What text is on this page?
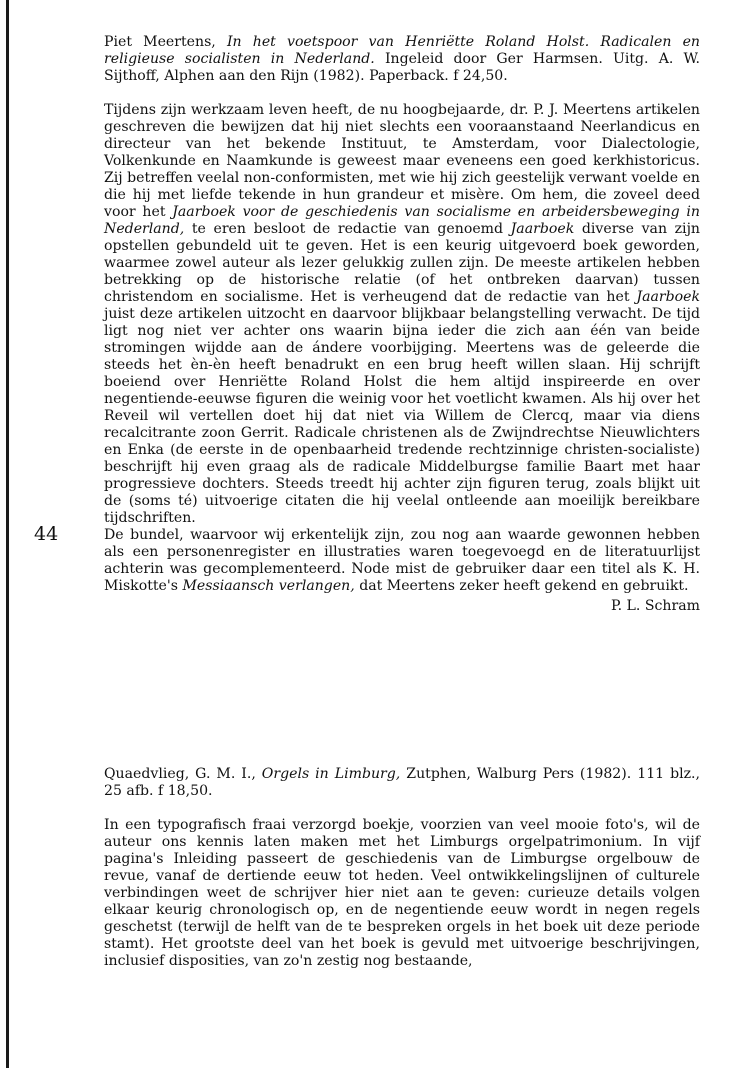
44

Piet Meertens, In het voetspoor van Henriëtte Roland Holst. Radicalen en religieuse socialisten in Nederland. Ingeleid door Ger Harmsen. Uitg. A. W. Sijthoff, Alphen aan den Rijn (1982). Paperback. f 24,50.

Tijdens zijn werkzaam leven heeft, de nu hoogbejaarde, dr. P. J. Meertens artikelen geschreven die bewijzen dat hij niet slechts een vooraanstaand Neerlandicus en directeur van het bekende Instituut, te Amsterdam, voor Dialectologie, Volkenkunde en Naamkunde is geweest maar eveneens een goed kerkhistoricus. Zij betreffen veelal non-conformisten, met wie hij zich geestelijk verwant voelde en die hij met liefde tekende in hun grandeur et misère. Om hem, die zoveel deed voor het Jaarboek voor de geschiedenis van socialisme en arbeidersbeweging in Nederland, te eren besloot de redactie van genoemd Jaarboek diverse van zijn opstellen gebundeld uit te geven. Het is een keurig uitgevoerd boek geworden, waarmee zowel auteur als lezer gelukkig zullen zijn. De meeste artikelen hebben betrekking op de historische relatie (of het ontbreken daarvan) tussen christendom en socialisme. Het is verheugend dat de redactie van het Jaarboek juist deze artikelen uitzocht en daarvoor blijkbaar belangstelling verwacht. De tijd ligt nog niet ver achter ons waarin bijna ieder die zich aan één van beide stromingen wijdde aan de ándere voorbijging. Meertens was de geleerde die steeds het èn-èn heeft benadrukt en een brug heeft willen slaan. Hij schrijft boeiend over Henriëtte Roland Holst die hem altijd inspireerde en over negentiende-eeuwse figuren die weinig voor het voetlicht kwamen. Als hij over het Reveil wil vertellen doet hij dat niet via Willem de Clercq, maar via diens recalcitrante zoon Gerrit. Radicale christenen als de Zwijndrechtse Nieuwlichters en Enka (de eerste in de openbaarheid tredende rechtzinnige christen-socialiste) beschrijft hij even graag als de radicale Middelburgse familie Baart met haar progressieve dochters. Steeds treedt hij achter zijn figuren terug, zoals blijkt uit de (soms té) uitvoerige citaten die hij veelal ontleende aan moeilijk bereikbare tijdschriften.

De bundel, waarvoor wij erkentelijk zijn, zou nog aan waarde gewonnen hebben als een personenregister en illustraties waren toegevoegd en de literatuurlijst achterin was gecomplementeerd. Node mist de gebruiker daar een titel als K. H. Miskotte's Messiaansch verlangen, dat Meertens zeker heeft gekend en gebruikt.

P. L. Schram

Quaedvlieg, G. M. I., Orgels in Limburg, Zutphen, Walburg Pers (1982). 111 blz., 25 afb. f 18,50.

In een typografisch fraai verzorgd boekje, voorzien van veel mooie foto's, wil de auteur ons kennis laten maken met het Limburgs orgelpatrimonium. In vijf pagina's Inleiding passeert de geschiedenis van de Limburgse orgelbouw de revue, vanaf de dertiende eeuw tot heden. Veel ontwikkelingslijnen of culturele verbindingen weet de schrijver hier niet aan te geven: curieuze details volgen elkaar keurig chronologisch op, en de negentiende eeuw wordt in negen regels geschetst (terwijl de helft van de te bespreken orgels in het boek uit deze periode stamt). Het grootste deel van het boek is gevuld met uitvoerige beschrijvingen, inclusief disposities, van zo'n zestig nog bestaande,
